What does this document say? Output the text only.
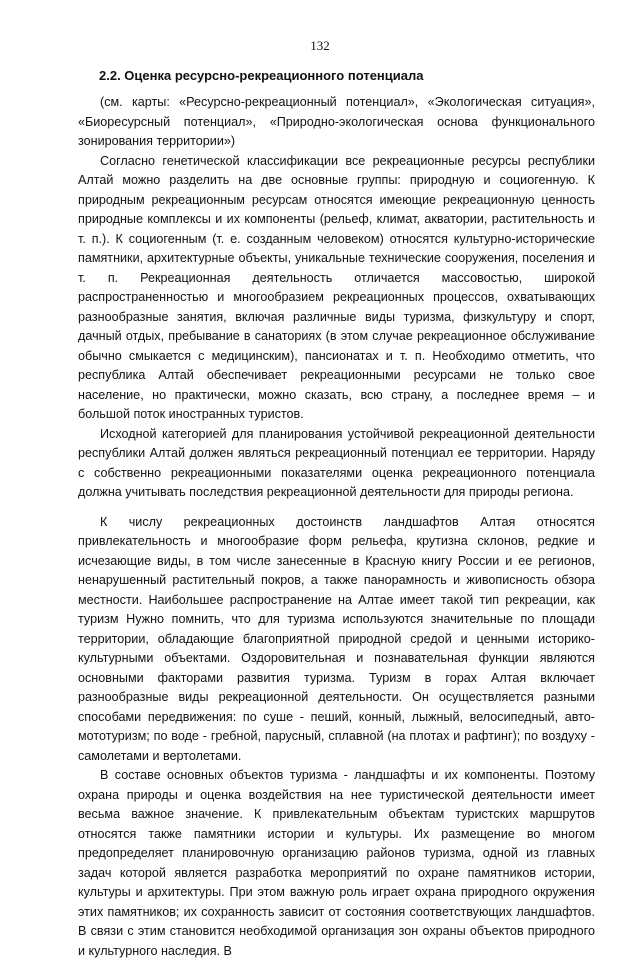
132
2.2. Оценка ресурсно-рекреационного потенциала

(см. карты: «Ресурсно-рекреационный потенциал», «Экологическая ситуация», «Биоресурсный потенциал», «Природно-экологическая основа функционального зонирования территории»)

Согласно генетической классификации все рекреационные ресурсы республики Алтай можно разделить на две основные группы: природную и социогенную. К природным рекреационным ресурсам относятся имеющие рекреационную ценность природные комплексы и их компоненты (рельеф, климат, акватории, растительность и т. п.). К социогенным (т. е. созданным человеком) относятся культурно-исторические памятники, архитектурные объекты, уникальные технические сооружения, поселения и т. п. Рекреационная деятельность отличается массовостью, широкой распространенностью и многообразием рекреационных процессов, охватывающих разнообразные занятия, включая различные виды туризма, физкультуру и спорт, дачный отдых, пребывание в санаториях (в этом случае рекреационное обслуживание обычно смыкается с медицинским), пансионатах и т. п. Необходимо отметить, что республика Алтай обеспечивает рекреационными ресурсами не только свое население, но практически, можно сказать, всю страну, а последнее время – и большой поток иностранных туристов.

Исходной категорией для планирования устойчивой рекреационной деятельности республики Алтай должен являться рекреационный потенциал ее территории. Наряду с собственно рекреационными показателями оценка рекреационного потенциала должна учитывать последствия рекреационной деятельности для природы региона.

К числу рекреационных достоинств ландшафтов Алтая относятся привлекательность и многообразие форм рельефа, крутизна склонов, редкие и исчезающие виды, в том числе занесенные в Красную книгу России и ее регионов, ненарушенный растительный покров, а также панорамность и живописность обзора местности. Наибольшее распространение на Алтае имеет такой тип рекреации, как туризм Нужно помнить, что для туризма используются значительные по площади территории, обладающие благоприятной природной средой и ценными историко-культурными объектами. Оздоровительная и познавательная функции являются основными факторами развития туризма. Туризм в горах Алтая включает разнообразные виды рекреационной деятельности. Он осуществляется разными способами передвижения: по суше - пеший, конный, лыжный, велосипедный, авто-мототуризм; по воде - гребной, парусный, сплавной (на плотах и рафтинг); по воздуху - самолетами и вертолетами.

В составе основных объектов туризма - ландшафты и их компоненты. Поэтому охрана природы и оценка воздействия на нее туристической деятельности имеет весьма важное значение. К привлекательным объектам туристских маршрутов относятся также памятники истории и культуры. Их размещение во многом предопределяет планировочную организацию районов туризма, одной из главных задач которой является разработка мероприятий по охране памятников истории, культуры и архитектуры. При этом важную роль играет охрана природного окружения этих памятников; их сохранность зависит от состояния соответствующих ландшафтов. В связи с этим становится необходимой организация зон охраны объектов природного и культурного наследия. В
